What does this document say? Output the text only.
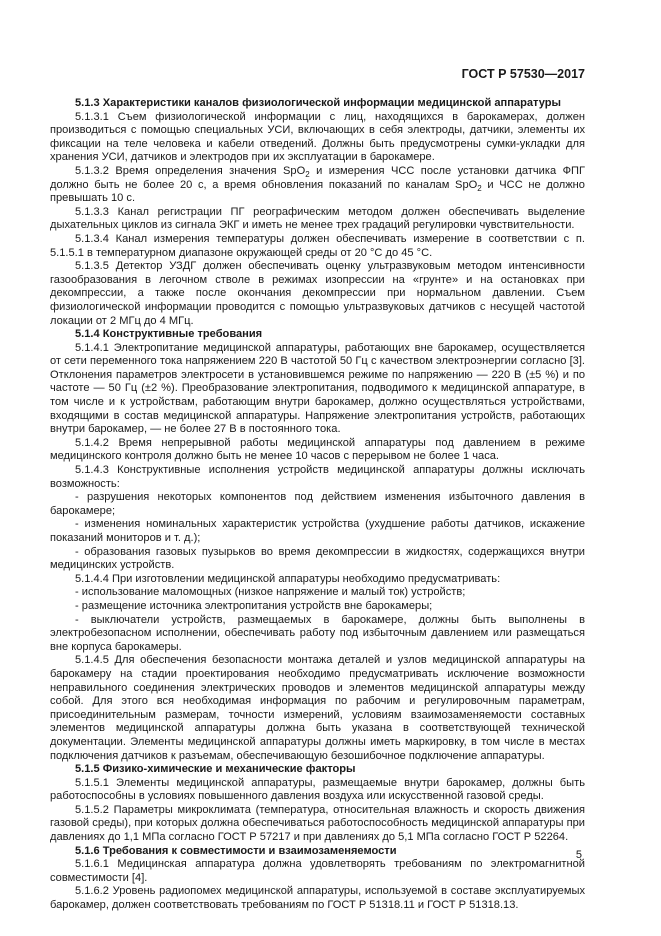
ГОСТ Р 57530—2017

5.1.3 Характеристики каналов физиологической информации медицинской аппаратуры

5.1.3.1 Съем физиологической информации с лиц, находящихся в барокамерах, должен производиться с помощью специальных УСИ, включающих в себя электроды, датчики, элементы их фиксации на теле человека и кабели отведений. Должны быть предусмотрены сумки-укладки для хранения УСИ, датчиков и электродов при их эксплуатации в барокамере.

5.1.3.2 Время определения значения SpO$_2$ и измерения ЧСС после установки датчика ФПГ должно быть не более 20 с, а время обновления показаний по каналам SpO$_2$ и ЧСС не должно превышать 10 с.

5.1.3.3 Канал регистрации ПГ реографическим методом должен обеспечивать выделение дыхательных циклов из сигнала ЭКГ и иметь не менее трех градаций регулировки чувствительности.

5.1.3.4 Канал измерения температуры должен обеспечивать измерение в соответствии с п. 5.1.5.1 в температурном диапазоне окружающей среды от 20 °С до 45 °С.

5.1.3.5 Детектор УЗДГ должен обеспечивать оценку ультразвуковым методом интенсивности газообразования в легочном стволе в режимах изопрессии на «грунте» и на остановках при декомпрессии, а также после окончания декомпрессии при нормальном давлении. Съем физиологической информации проводится с помощью ультразвуковых датчиков с несущей частотой локации от 2 МГц до 4 МГц.

5.1.4 Конструктивные требования

5.1.4.1 Электропитание медицинской аппаратуры, работающих вне барокамер, осуществляется от сети переменного тока напряжением 220 В частотой 50 Гц с качеством электроэнергии согласно [3]. Отклонения параметров электросети в установившемся режиме по напряжению — 220 В (±5 %) и по частоте — 50 Гц (±2 %). Преобразование электропитания, подводимого к медицинской аппаратуре, в том числе и к устройствам, работающим внутри барокамер, должно осуществляться устройствами, входящими в состав медицинской аппаратуры. Напряжение электропитания устройств, работающих внутри барокамер, — не более 27 В в постоянного тока.

5.1.4.2 Время непрерывной работы медицинской аппаратуры под давлением в режиме медицинского контроля должно быть не менее 10 часов с перерывом не более 1 часа.

5.1.4.3 Конструктивные исполнения устройств медицинской аппаратуры должны исключать возможность:

- разрушения некоторых компонентов под действием изменения избыточного давления в барокамере;

- изменения номинальных характеристик устройства (ухудшение работы датчиков, искажение показаний мониторов и т. д.);

- образования газовых пузырьков во время декомпрессии в жидкостях, содержащихся внутри медицинских устройств.

5.1.4.4 При изготовлении медицинской аппаратуры необходимо предусматривать:

- использование маломощных (низкое напряжение и малый ток) устройств;

- размещение источника электропитания устройств вне барокамеры;

- выключатели устройств, размещаемых в барокамере, должны быть выполнены в электробезопасном исполнении, обеспечивать работу под избыточным давлением или размещаться вне корпуса барокамеры.

5.1.4.5 Для обеспечения безопасности монтажа деталей и узлов медицинской аппаратуры на барокамеру на стадии проектирования необходимо предусматривать исключение возможности неправильного соединения электрических проводов и элементов медицинской аппаратуры между собой. Для этого вся необходимая информация по рабочим и регулировочным параметрам, присоединительным размерам, точности измерений, условиям взаимозаменяемости составных элементов медицинской аппаратуры должна быть указана в соответствующей технической документации. Элементы медицинской аппаратуры должны иметь маркировку, в том числе в местах подключения датчиков к разъемам, обеспечивающую безошибочное подключение аппаратуры.

5.1.5 Физико-химические и механические факторы

5.1.5.1 Элементы медицинской аппаратуры, размещаемые внутри барокамер, должны быть работоспособны в условиях повышенного давления воздуха или искусственной газовой среды.

5.1.5.2 Параметры микроклимата (температура, относительная влажность и скорость движения газовой среды), при которых должна обеспечиваться работоспособность медицинской аппаратуры при давлениях до 1,1 МПа согласно ГОСТ Р 57217 и при давлениях до 5,1 МПа согласно ГОСТ Р 52264.

5.1.6 Требования к совместимости и взаимозаменяемости

5.1.6.1 Медицинская аппаратура должна удовлетворять требованиям по электромагнитной совместимости [4].

5.1.6.2 Уровень радиопомех медицинской аппаратуры, используемой в составе эксплуатируемых барокамер, должен соответствовать требованиям по ГОСТ Р 51318.11 и ГОСТ Р 51318.13.

5
